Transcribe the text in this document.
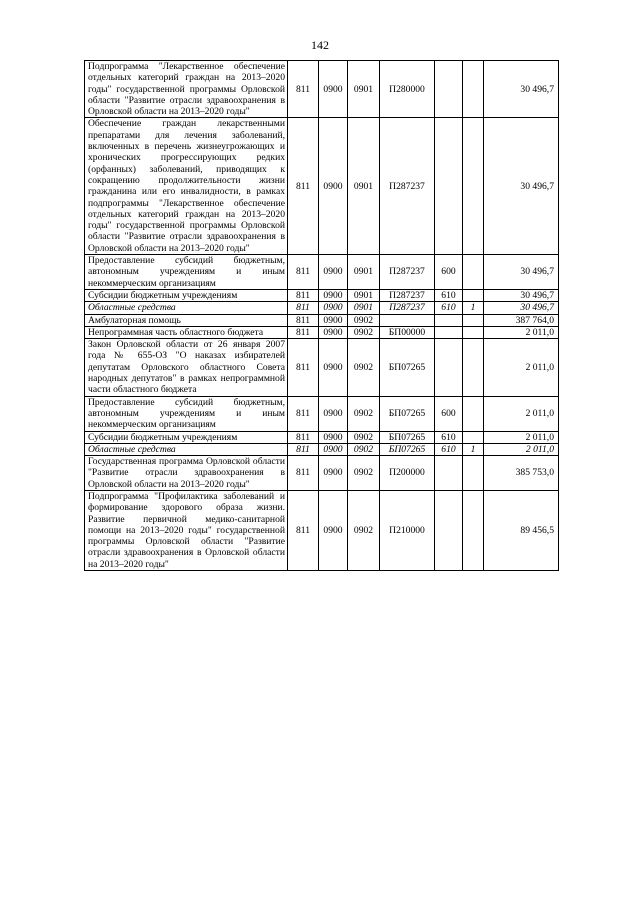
142
Подпрограмма "Лекарственное обеспечение отдельных категорий граждан на 2013–2020 годы" государственной программы Орловской области "Развитие отрасли здравоохранения в Орловской области на 2013–2020 годы"	811	0900	0901	П280000			30 496,7
Обеспечение граждан лекарственными препаратами для лечения заболеваний, включенных в перечень жизнеугрожающих и хронических прогрессирующих редких (орфанных) заболеваний, приводящих к сокращению продолжительности жизни гражданина или его инвалидности, в рамках подпрограммы "Лекарственное обеспечение отдельных категорий граждан на 2013–2020 годы" государственной программы Орловской области "Развитие отрасли здравоохранения в Орловской области на 2013–2020 годы"	811	0900	0901	П287237			30 496,7
Предоставление субсидий бюджетным, автономным учреждениям и иным некоммерческим организациям	811	0900	0901	П287237	600		30 496,7
Субсидии бюджетным учреждениям	811	0900	0901	П287237	610		30 496,7
Областные средства	811	0900	0901	П287237	610	1	30 496,7
Амбулаторная помощь	811	0900	0902				387 764,0
Непрограммная часть областного бюджета	811	0900	0902	БП00000			2 011,0
Закон Орловской области от 26 января 2007 года № 655-ОЗ "О наказах избирателей депутатам Орловского областного Совета народных депутатов" в рамках непрограммной части областного бюджета	811	0900	0902	БП07265			2 011,0
Предоставление субсидий бюджетным, автономным учреждениям и иным некоммерческим организациям	811	0900	0902	БП07265	600		2 011,0
Субсидии бюджетным учреждениям	811	0900	0902	БП07265	610		2 011,0
Областные средства	811	0900	0902	БП07265	610	1	2 011,0
Государственная программа Орловской области "Развитие отрасли здравоохранения в Орловской области на 2013–2020 годы"	811	0900	0902	П200000			385 753,0
Подпрограмма "Профилактика заболеваний и формирование здорового образа жизни. Развитие первичной медико-санитарной помощи на 2013–2020 годы" государственной программы Орловской области "Развитие отрасли здравоохранения в Орловской области на 2013–2020 годы"	811	0900	0902	П210000			89 456,5
